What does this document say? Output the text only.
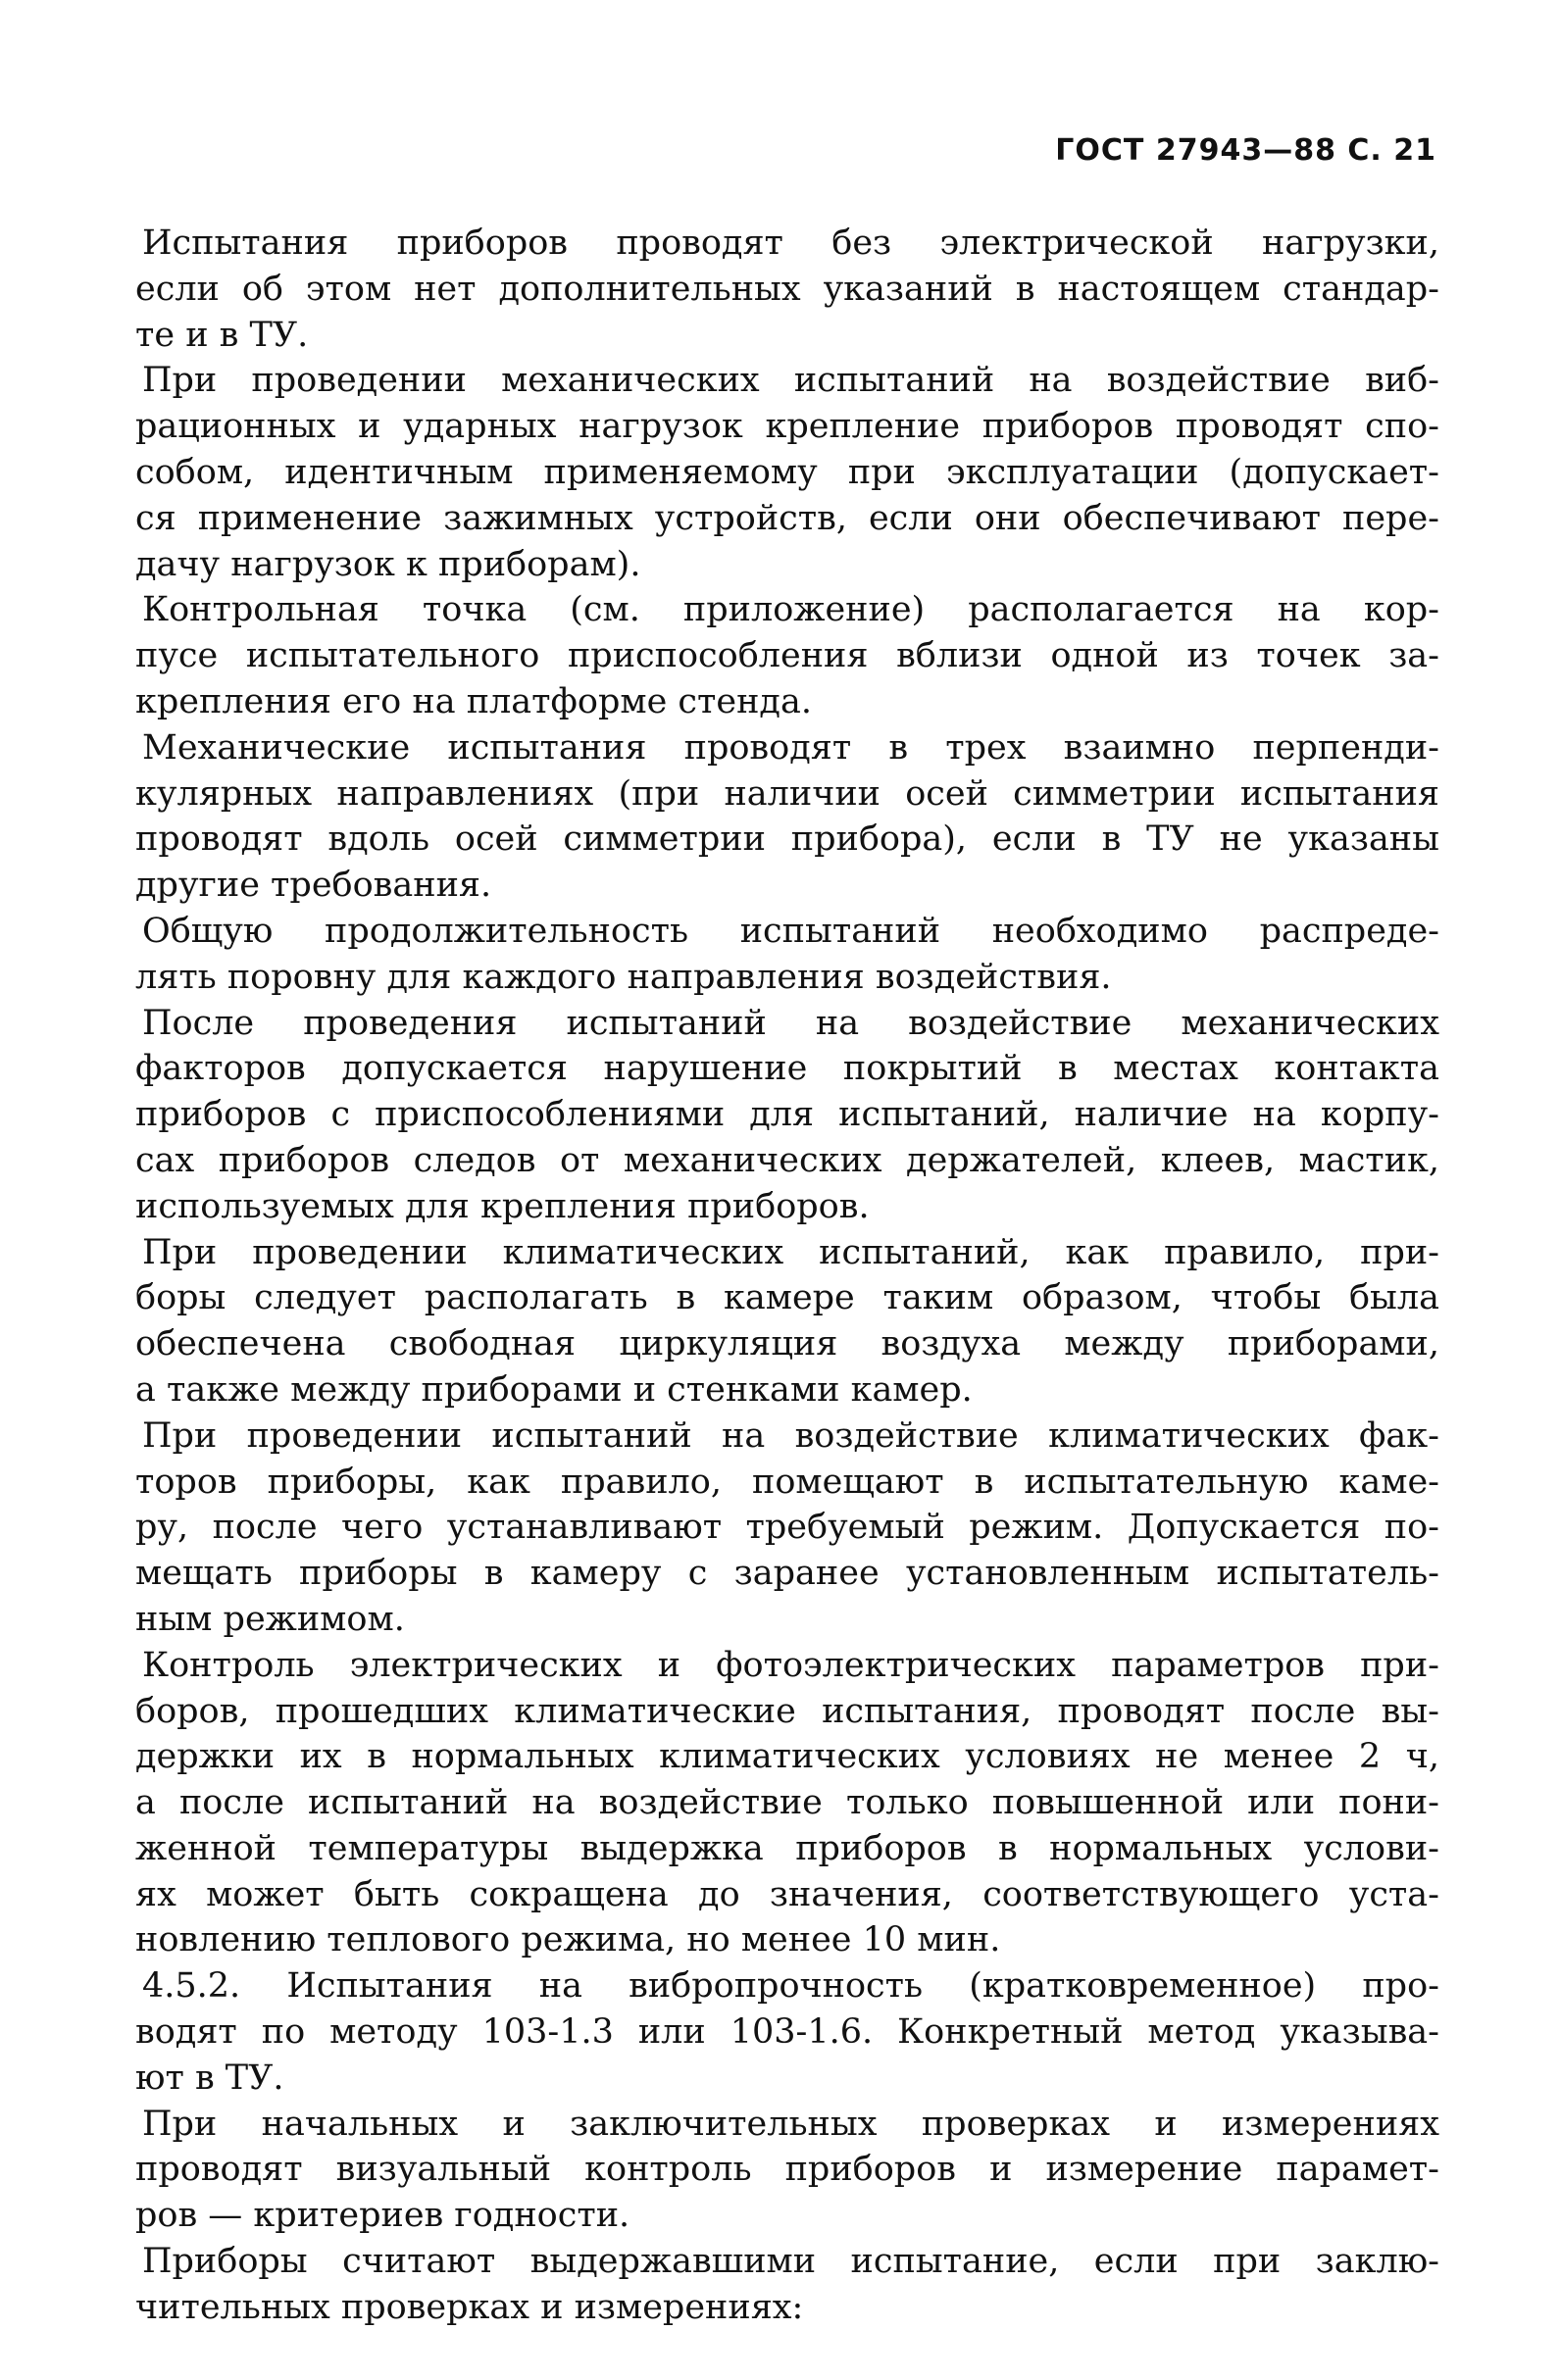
ГОСТ 27943—88 С. 21
Испытания приборов проводят без электрической нагрузки,
если об этом нет дополнительных указаний в настоящем стандар-
те и в ТУ.
При проведении механических испытаний на воздействие виб-
рационных и ударных нагрузок крепление приборов проводят спо-
собом, идентичным применяемому при эксплуатации (допускает-
ся применение зажимных устройств, если они обеспечивают пере-
дачу нагрузок к приборам).
Контрольная точка (см. приложение) располагается на кор-
пусе испытательного приспособления вблизи одной из точек за-
крепления его на платформе стенда.
Механические испытания проводят в трех взаимно перпенди-
кулярных направлениях (при наличии осей симметрии испытания
проводят вдоль осей симметрии прибора), если в ТУ не указаны
другие требования.
Общую продолжительность испытаний необходимо распреде-
лять поровну для каждого направления воздействия.
После проведения испытаний на воздействие механических
факторов допускается нарушение покрытий в местах контакта
приборов с приспособлениями для испытаний, наличие на корпу-
сах приборов следов от механических держателей, клеев, мастик,
используемых для крепления приборов.
При проведении климатических испытаний, как правило, при-
боры следует располагать в камере таким образом, чтобы была
обеспечена свободная циркуляция воздуха между приборами,
а также между приборами и стенками камер.
При проведении испытаний на воздействие климатических фак-
торов приборы, как правило, помещают в испытательную каме-
ру, после чего устанавливают требуемый режим. Допускается по-
мещать приборы в камеру с заранее установленным испытатель-
ным режимом.
Контроль электрических и фотоэлектрических параметров при-
боров, прошедших климатические испытания, проводят после вы-
держки их в нормальных климатических условиях не менее 2 ч,
а после испытаний на воздействие только повышенной или пони-
женной температуры выдержка приборов в нормальных услови-
ях может быть сокращена до значения, соответствующего уста-
новлению теплового режима, но менее 10 мин.
4.5.2. Испытания на вибропрочность (кратковременное) про-
водят по методу 103-1.3 или 103-1.6. Конкретный метод указыва-
ют в ТУ.
При начальных и заключительных проверках и измерениях
проводят визуальный контроль приборов и измерение парамет-
ров — критериев годности.
Приборы считают выдержавшими испытание, если при заклю-
чительных проверках и измерениях:
